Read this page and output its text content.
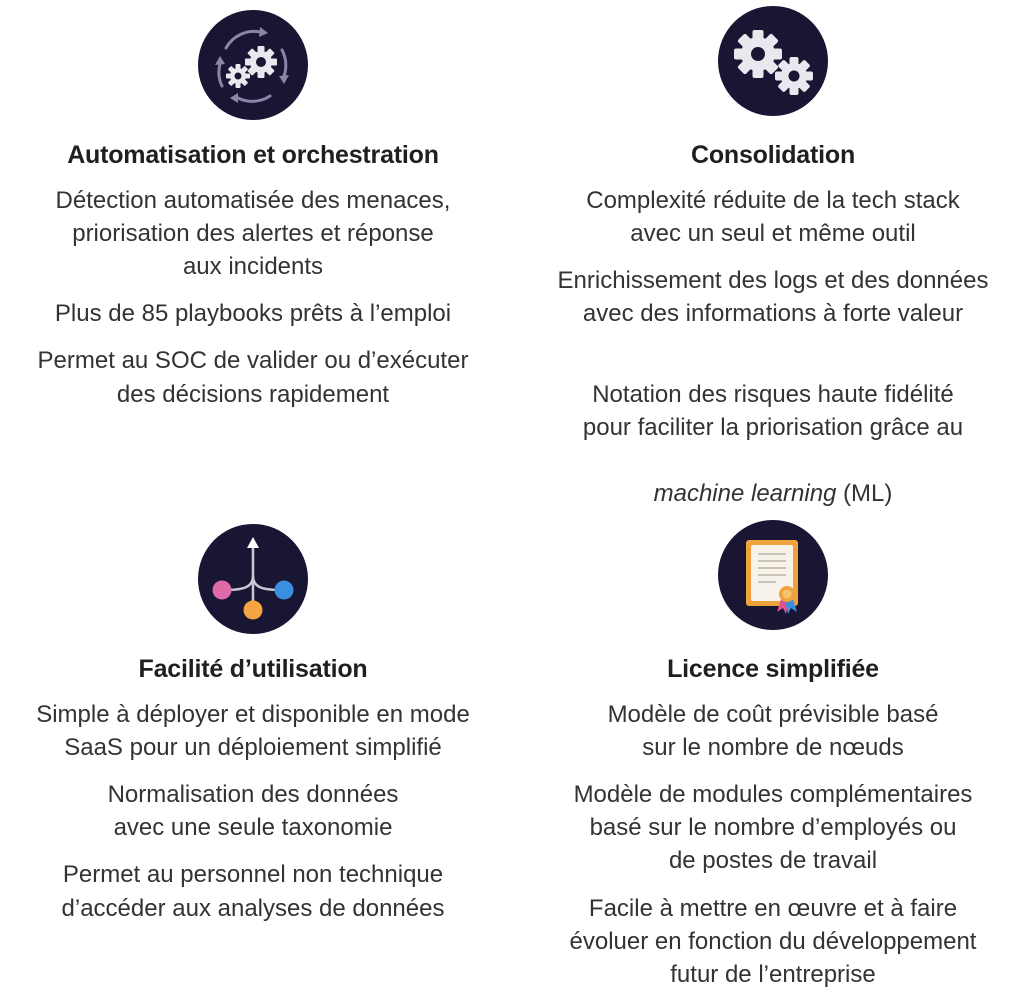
Automatisation et orchestration
Détection automatisée des menaces,
priorisation des alertes et réponse
aux incidents
Plus de 85 playbooks prêts à l’emploi
Permet au SOC de valider ou d’exécuter
des décisions rapidement
Consolidation
Complexité réduite de la tech stack
avec un seul et même outil
Enrichissement des logs et des données
avec des informations à forte valeur

Notation des risques haute fidélité
pour faciliter la priorisation grâce au

machine learning (ML)

Facilité d’utilisation
Simple à déployer et disponible en mode
SaaS pour un déploiement simplifié
Normalisation des données
avec une seule taxonomie
Permet au personnel non technique
d’accéder aux analyses de données
Licence simplifiée
Modèle de coût prévisible basé
sur le nombre de nœuds
Modèle de modules complémentaires
basé sur le nombre d’employés ou
de postes de travail
Facile à mettre en œuvre et à faire
évoluer en fonction du développement
futur de l’entreprise
